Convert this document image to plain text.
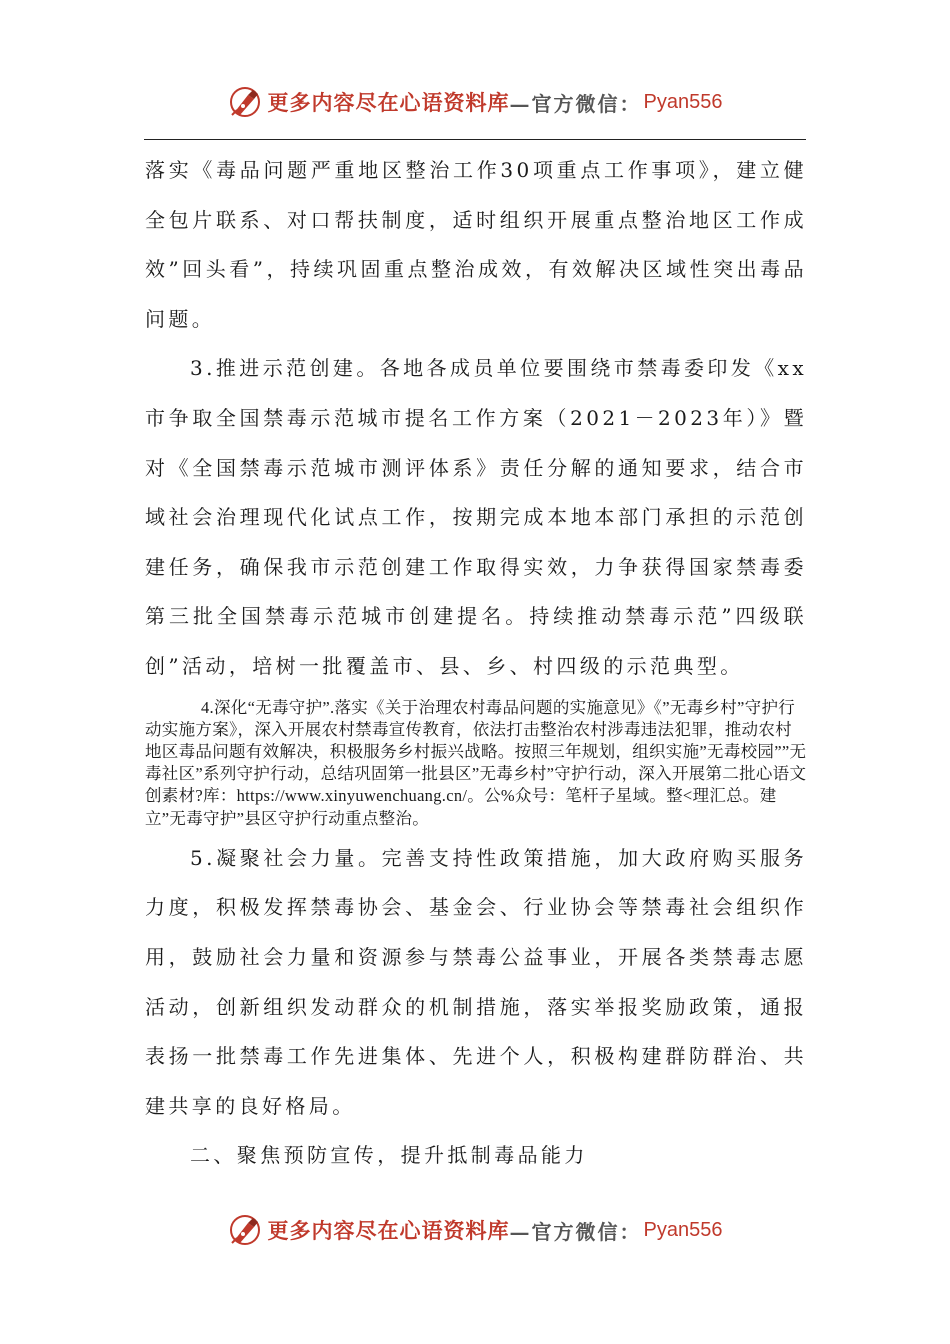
更多内容尽在心语资料库 —官方微信： Pyan556

落实《毒品问题严重地区整治工作30项重点工作事项》，建立健全包片联系、对口帮扶制度，适时组织开展重点整治地区工作成效”回头看”，持续巩固重点整治成效，有效解决区域性突出毒品问题。

3.推进示范创建。各地各成员单位要围绕市禁毒委印发《xx市争取全国禁毒示范城市提名工作方案（2021－2023年）》暨对《全国禁毒示范城市测评体系》责任分解的通知要求，结合市域社会治理现代化试点工作，按期完成本地本部门承担的示范创建任务，确保我市示范创建工作取得实效，力争获得国家禁毒委第三批全国禁毒示范城市创建提名。持续推动禁毒示范”四级联创”活动，培树一批覆盖市、县、乡、村四级的示范典型。

4.深化“无毒守护”.落实《关于治理农村毒品问题的实施意见》《”无毒乡村”守护行动实施方案》，深入开展农村禁毒宣传教育，依法打击整治农村涉毒违法犯罪，推动农村地区毒品问题有效解决，积极服务乡村振兴战略。按照三年规划，组织实施”无毒校园””无毒社区”系列守护行动，总结巩固第一批县区”无毒乡村”守护行动，深入开展第二批心语文创素材?库：https://www.xinyuwenchuang.cn/。公%众号：笔杆子星域。整<理汇总。建立”无毒守护”县区守护行动重点整治。

5.凝聚社会力量。完善支持性政策措施，加大政府购买服务力度，积极发挥禁毒协会、基金会、行业协会等禁毒社会组织作用，鼓励社会力量和资源参与禁毒公益事业，开展各类禁毒志愿活动，创新组织发动群众的机制措施，落实举报奖励政策，通报表扬一批禁毒工作先进集体、先进个人，积极构建群防群治、共建共享的良好格局。

二、聚焦预防宣传，提升抵制毒品能力

更多内容尽在心语资料库 —官方微信： Pyan556
